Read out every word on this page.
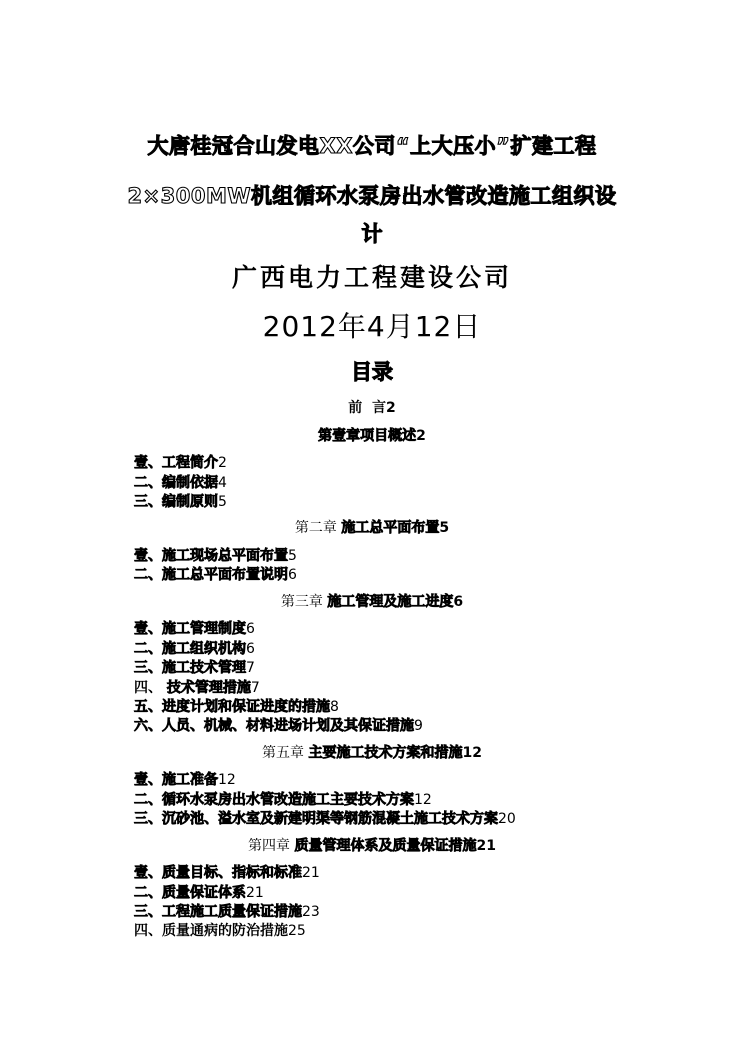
大唐桂冠合山发电XX公司“上大压小”扩建工程
2×300MW机组循环水泵房出水管改造施工组织设
计
广西电力工程建设公司
2012年4月12日
目录
前  言2
第壹章项目概述2
壹、工程简介2
二、编制依据4
三、编制原则5
第二章 施工总平面布置5
壹、施工现场总平面布置5
二、施工总平面布置说明6
第三章 施工管理及施工进度6
壹、施工管理制度6
二、施工组织机构6
三、施工技术管理7
四、 技术管理措施7
五、进度计划和保证进度的措施8
六、人员、机械、材料进场计划及其保证措施9
第五章 主要施工技术方案和措施12
壹、施工准备12
二、循环水泵房出水管改造施工主要技术方案12
三、沉砂池、溢水室及新建明渠等钢筋混凝土施工技术方案20
第四章 质量管理体系及质量保证措施21
壹、质量目标、指标和标准21
二、质量保证体系21
三、工程施工质量保证措施23
四、质量通病的防治措施25
